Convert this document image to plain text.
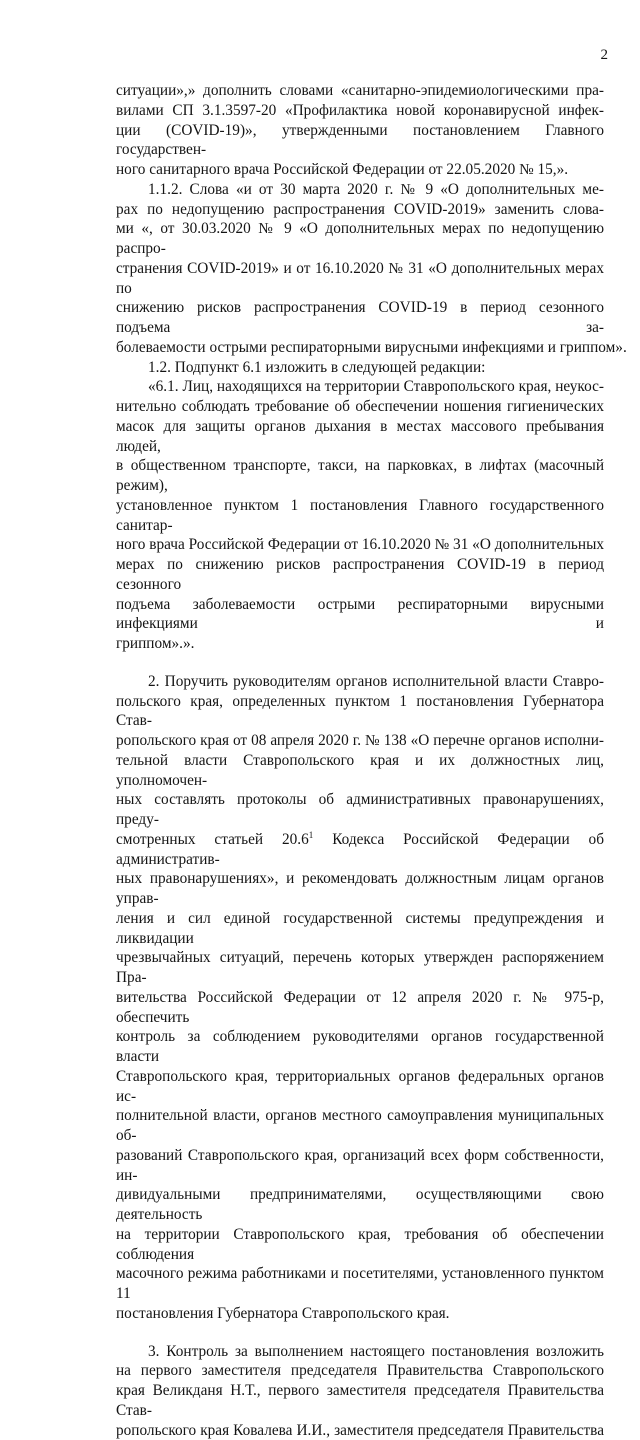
2
ситуации»,» дополнить словами «санитарно-эпидемиологическими пра-
вилами СП 3.1.3597-20 «Профилактика новой коронавирусной инфек-
ции (COVID-19)», утвержденными постановлением Главного государствен-
ного санитарного врача Российской Федерации от 22.05.2020 № 15,».
1.1.2. Слова «и от 30 марта 2020 г. № 9 «О дополнительных ме-
рах по недопущению распространения COVID-2019» заменить слова-
ми «, от 30.03.2020 № 9 «О дополнительных мерах по недопущению распро-
странения COVID-2019» и от 16.10.2020 № 31 «О дополнительных мерах по
снижению рисков распространения COVID-19 в период сезонного подъема за-
болеваемости острыми респираторными вирусными инфекциями и гриппом».
1.2. Подпункт 6.1 изложить в следующей редакции:
«6.1. Лиц, находящихся на территории Ставропольского края, неукос-
нительно соблюдать требование об обеспечении ношения гигиенических
масок для защиты органов дыхания в местах массового пребывания людей,
в общественном транспорте, такси, на парковках, в лифтах (масочный режим),
установленное пунктом 1 постановления Главного государственного санитар-
ного врача Российской Федерации от 16.10.2020 № 31 «О дополнительных
мерах по снижению рисков распространения COVID-19 в период сезонного
подъема заболеваемости острыми респираторными вирусными инфекциями и
гриппом».».
2. Поручить руководителям органов исполнительной власти Ставро-
польского края, определенных пунктом 1 постановления Губернатора Став-
ропольского края от 08 апреля 2020 г. № 138 «О перечне органов исполни-
тельной власти Ставропольского края и их должностных лиц, уполномочен-
ных составлять протоколы об административных правонарушениях, преду-
смотренных статьей 20.6$^1$ Кодекса Российской Федерации об административ-
ных правонарушениях», и рекомендовать должностным лицам органов управ-
ления и сил единой государственной системы предупреждения и ликвидации
чрезвычайных ситуаций, перечень которых утвержден распоряжением Пра-
вительства Российской Федерации от 12 апреля 2020 г. № 975-р, обеспечить
контроль за соблюдением руководителями органов государственной власти
Ставропольского края, территориальных органов федеральных органов ис-
полнительной власти, органов местного самоуправления муниципальных об-
разований Ставропольского края, организаций всех форм собственности, ин-
дивидуальными предпринимателями, осуществляющими свою деятельность
на территории Ставропольского края, требования об обеспечении соблюдения
масочного режима работниками и посетителями, установленного пунктом 11
постановления Губернатора Ставропольского края.
3. Контроль за выполнением настоящего постановления возложить
на первого заместителя председателя Правительства Ставропольского
края Великданя Н.Т., первого заместителя председателя Правительства Став-
ропольского края Ковалева И.И., заместителя председателя Правительства
